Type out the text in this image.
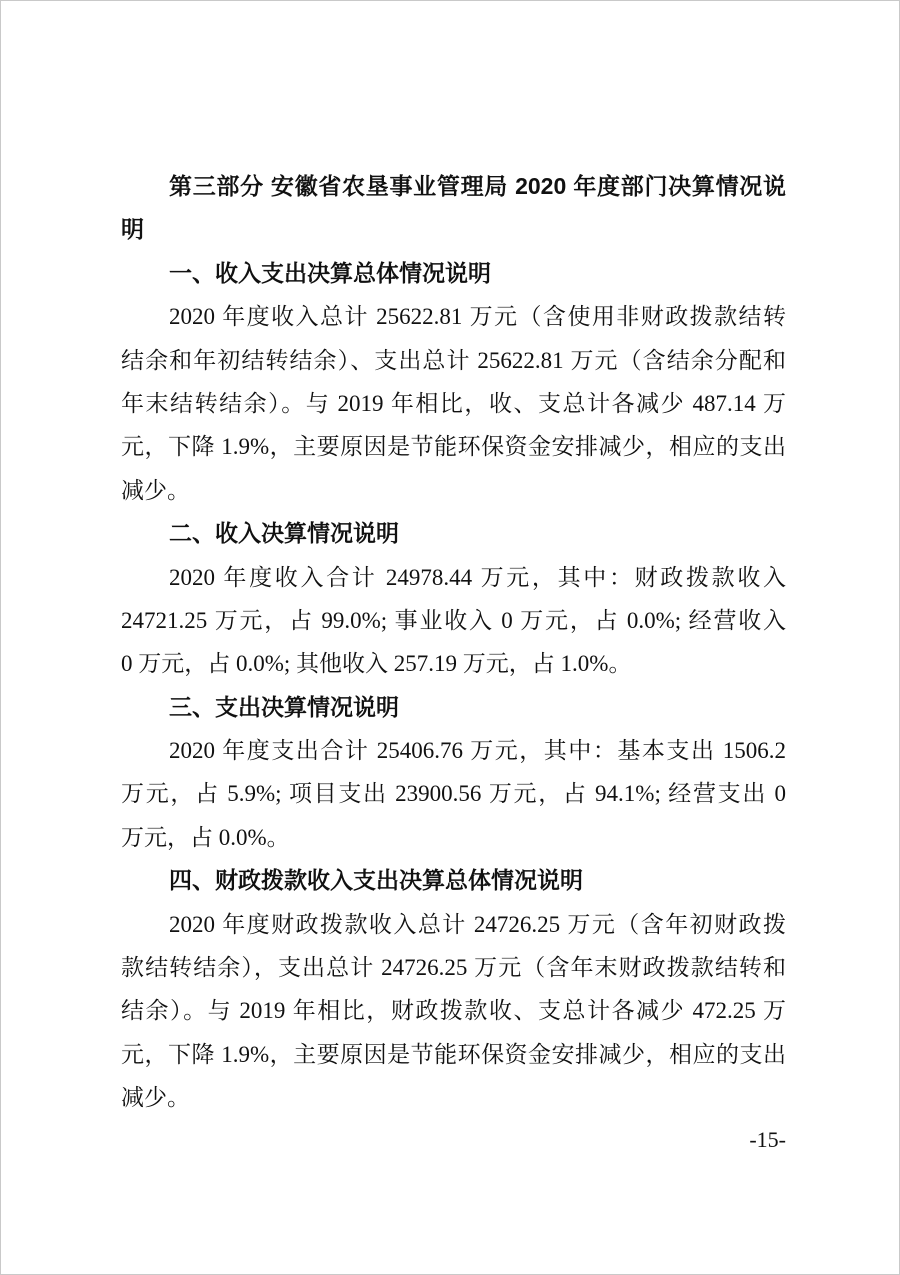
第三部分 安徽省农垦事业管理局 2020 年度部门决算情况说
明
一、收入支出决算总体情况说明
2020 年度收入总计 25622.81 万元（含使用非财政拨款结转
结余和年初结转结余）、支出总计 25622.81 万元（含结余分配和
年末结转结余）。与 2019 年相比，收、支总计各减少 487.14 万
元，下降 1.9%，主要原因是节能环保资金安排减少，相应的支出
减少。
二、收入决算情况说明
2020 年度收入合计 24978.44 万元，其中：财政拨款收入
24721.25 万元，占 99.0%; 事业收入 0 万元，占 0.0%; 经营收入
0 万元，占 0.0%; 其他收入 257.19 万元，占 1.0%。
三、支出决算情况说明
2020 年度支出合计 25406.76 万元，其中：基本支出 1506.2
万元，占 5.9%; 项目支出 23900.56 万元，占 94.1%; 经营支出 0
万元，占 0.0%。
四、财政拨款收入支出决算总体情况说明
2020 年度财政拨款收入总计 24726.25 万元（含年初财政拨
款结转结余），支出总计 24726.25 万元（含年末财政拨款结转和
结余）。与 2019 年相比，财政拨款收、支总计各减少 472.25 万
元，下降 1.9%，主要原因是节能环保资金安排减少，相应的支出
减少。
-15-
